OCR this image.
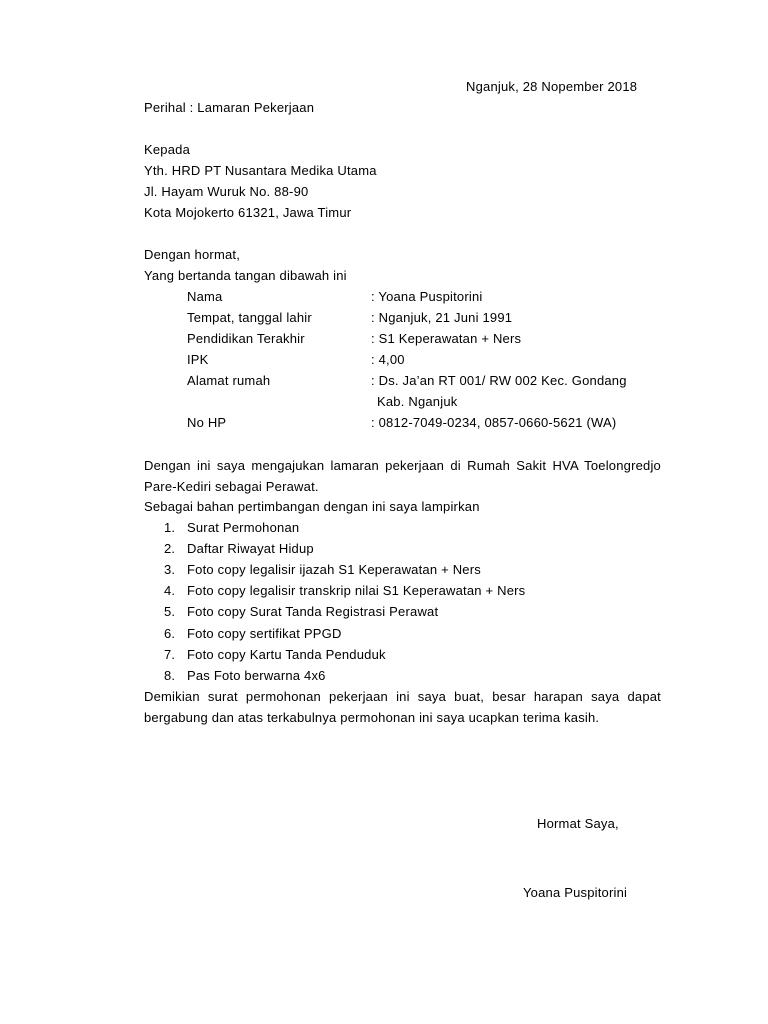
Nganjuk, 28 Nopember 2018
Perihal : Lamaran Pekerjaan
Kepada
Yth. HRD PT Nusantara Medika Utama
Jl. Hayam Wuruk No. 88-90
Kota Mojokerto 61321, Jawa Timur
Dengan hormat,
Yang bertanda tangan dibawah ini
Nama	: Yoana Puspitorini
Tempat, tanggal lahir	: Nganjuk, 21 Juni 1991
Pendidikan Terakhir	: S1 Keperawatan + Ners
IPK	: 4,00
Alamat rumah	: Ds. Ja’an RT 001/ RW 002 Kec. Gondang
Kab. Nganjuk
No HP	: 0812-7049-0234, 0857-0660-5621 (WA)
Dengan ini saya mengajukan lamaran pekerjaan di Rumah Sakit HVA Toelongredjo Pare-Kediri sebagai Perawat.
Sebagai bahan pertimbangan dengan ini saya lampirkan
1. Surat Permohonan
2. Daftar Riwayat Hidup
3. Foto copy legalisir ijazah S1 Keperawatan + Ners
4. Foto copy legalisir transkrip nilai S1 Keperawatan + Ners
5. Foto copy Surat Tanda Registrasi Perawat
6. Foto copy sertifikat PPGD
7. Foto copy Kartu Tanda Penduduk
8. Pas Foto berwarna 4x6
Demikian surat permohonan pekerjaan ini saya buat, besar harapan saya dapat bergabung dan atas terkabulnya permohonan ini saya ucapkan terima kasih.
Hormat Saya,
Yoana Puspitorini
